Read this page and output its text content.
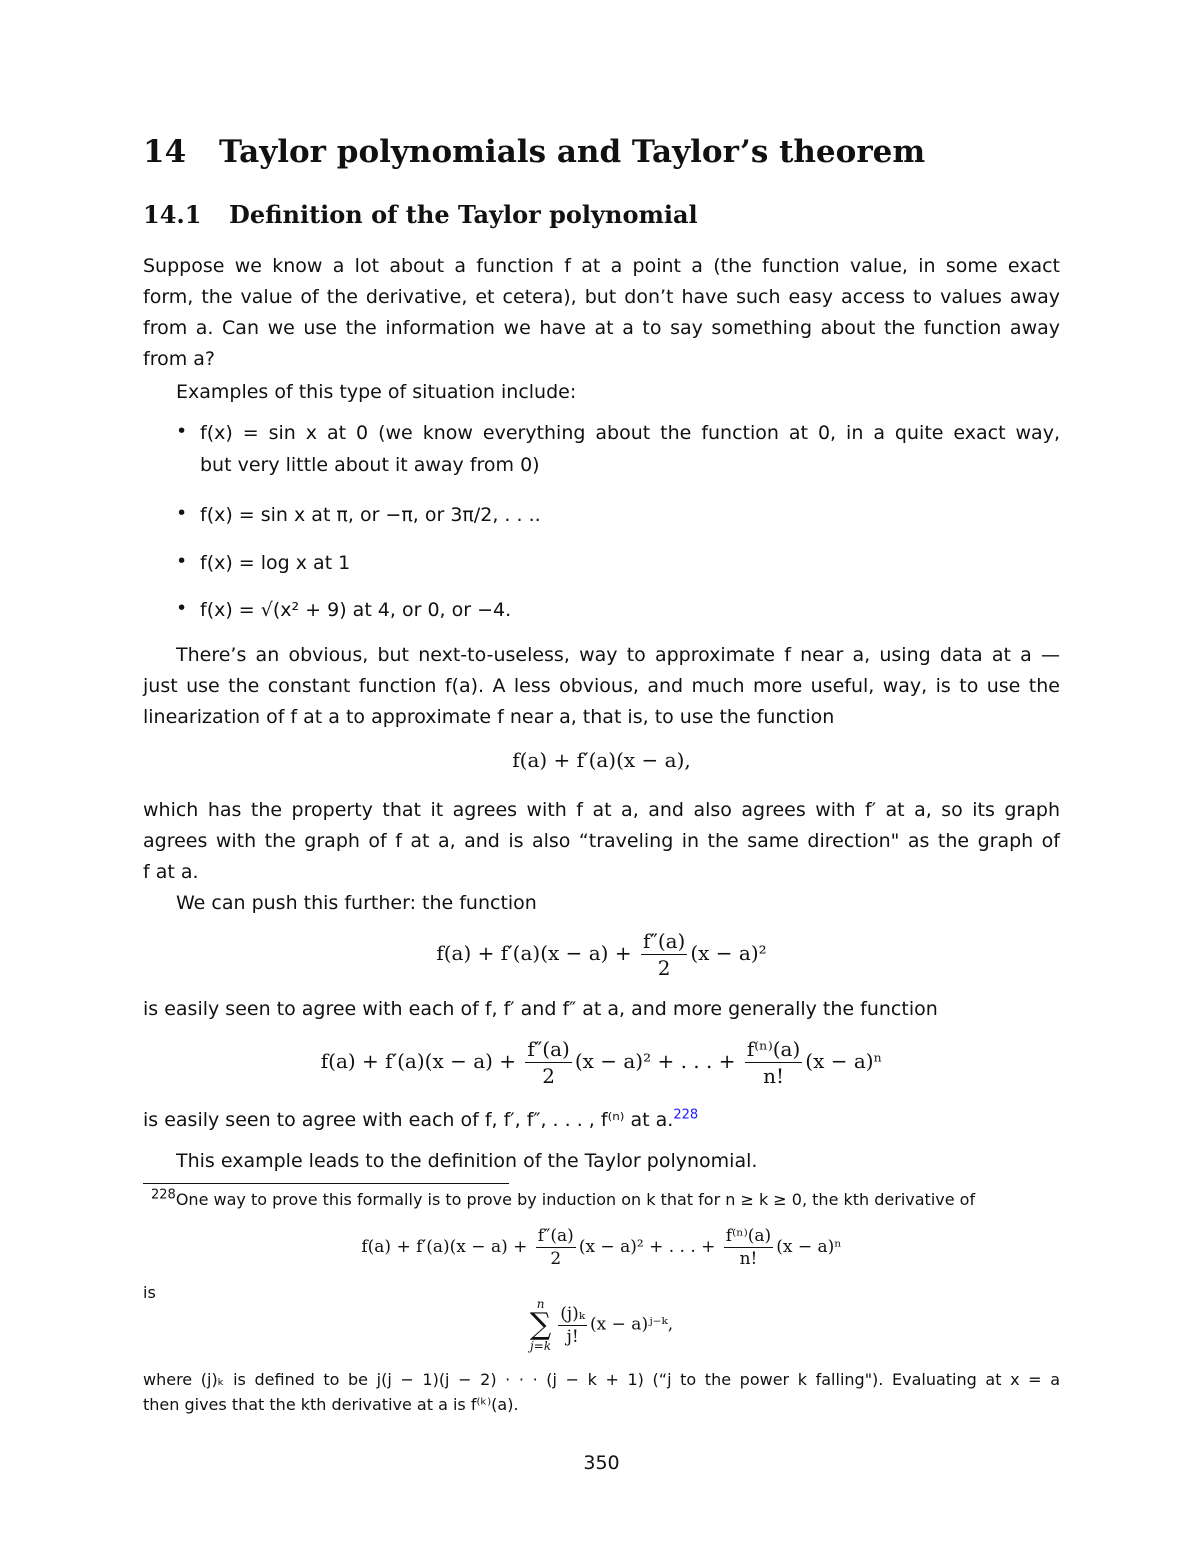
14 Taylor polynomials and Taylor’s theorem
14.1 Definition of the Taylor polynomial
Suppose we know a lot about a function f at a point a (the function value, in some exact
form, the value of the derivative, et cetera), but don’t have such easy access to values away
from a. Can we use the information we have at a to say something about the function away
from a?
Examples of this type of situation include:
• f(x) = sin x at 0 (we know everything about the function at 0, in a quite exact way,
but very little about it away from 0)
• f(x) = sin x at π, or −π, or 3π/2, . . ..
• f(x) = log x at 1
• f(x) = √(x² + 9) at 4, or 0, or −4.
There’s an obvious, but next-to-useless, way to approximate f near a, using data at a —
just use the constant function f(a). A less obvious, and much more useful, way, is to use the
linearization of f at a to approximate f near a, that is, to use the function
f(a) + f′(a)(x − a),
which has the property that it agrees with f at a, and also agrees with f′ at a, so its graph
agrees with the graph of f at a, and is also “traveling in the same direction" as the graph of
f at a.
We can push this further: the function
$f(a) + f'(a)(x - a) + \frac{f''(a)}{2} (x - a)^2$
is easily seen to agree with each of f, f′ and f″ at a, and more generally the function
$f(a) + f'(a)(x - a) + \frac{f''(a)}{2} (x - a)^2$ + . . . + $\frac{\text{f⁽ⁿ⁾(a)}}{n!} (x - a)^n$
is easily seen to agree with each of f, f′, f″, . . . , f⁽ⁿ⁾ at a.$^{228}$
This example leads to the definition of the Taylor polynomial.
$^{228}$One way to prove this formally is to prove by induction on k that for n ≥ k ≥ 0, the kth derivative of
$f(a) + f'(a)(x - a) + \frac{f''(a)}{2} (x - a)^2$ + . . . + $\frac{\text{f⁽ⁿ⁾(a)}}{n!} (x - a)^n$
is
n
∑
$j=k \frac{\text{(j)ₖ}}{j!} (x$ − a)ʲ⁻ᵏ,
where (j)ₖ is defined to be j(j − 1)(j − 2) · · · (j − k + 1) (“j to the power k falling"). Evaluating at x = a
then gives that the kth derivative at a is f⁽ᵏ⁾(a).
350
